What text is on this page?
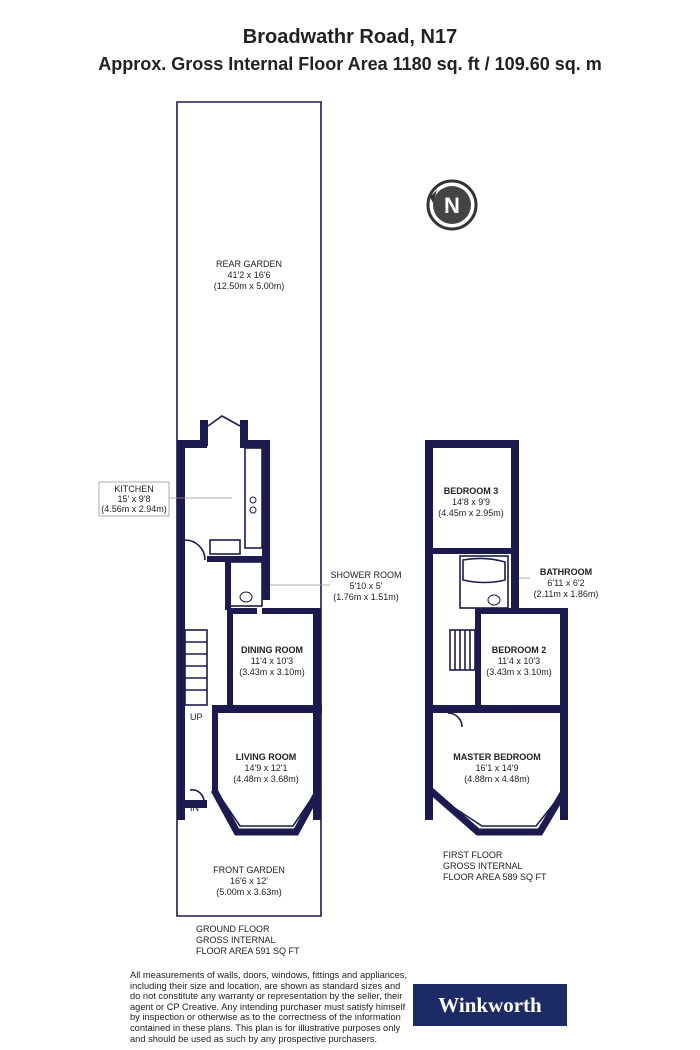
Broadwathr Road, N17
Approx. Gross Internal Floor Area 1180 sq. ft / 109.60 sq. m
N
REAR GARDEN
41'2 x 16'6
(12.50m x 5.00m)
KITCHEN
15' x 9'8
(4.56m x 2.94m)
SHOWER ROOM
5'10 x 5'
(1.76m x 1.51m)
DINING ROOM
11'4 x 10'3
(3.43m x 3.10m)
LIVING ROOM
14'9 x 12'1
(4.48m x 3.68m)
FRONT GARDEN
16'6 x 12'
(5.00m x 3.63m)
UP
IN
GROUND FLOOR
GROSS INTERNAL
FLOOR AREA 591 SQ FT
BEDROOM 3
14'8 x 9'9
(4.45m x 2.95m)
BATHROOM
6'11 x 6'2
(2.11m x 1.86m)
BEDROOM 2
11'4 x 10'3
(3.43m x 3.10m)
MASTER BEDROOM
16'1 x 14'9
(4.88m x 4.48m)
FIRST FLOOR
GROSS INTERNAL
FLOOR AREA 589 SQ FT
All measurements of walls, doors, windows, fittings and appliances, including their size and location, are shown as standard sizes and do not constitute any warranty or representation by the seller, their agent or CP Creative. Any intending purchaser must satisfy himself by inspection or otherwise as to the correctness of the information contained in these plans. This plan is for illustrative purposes only and should be used as such by any prospective purchasers.
Winkworth
